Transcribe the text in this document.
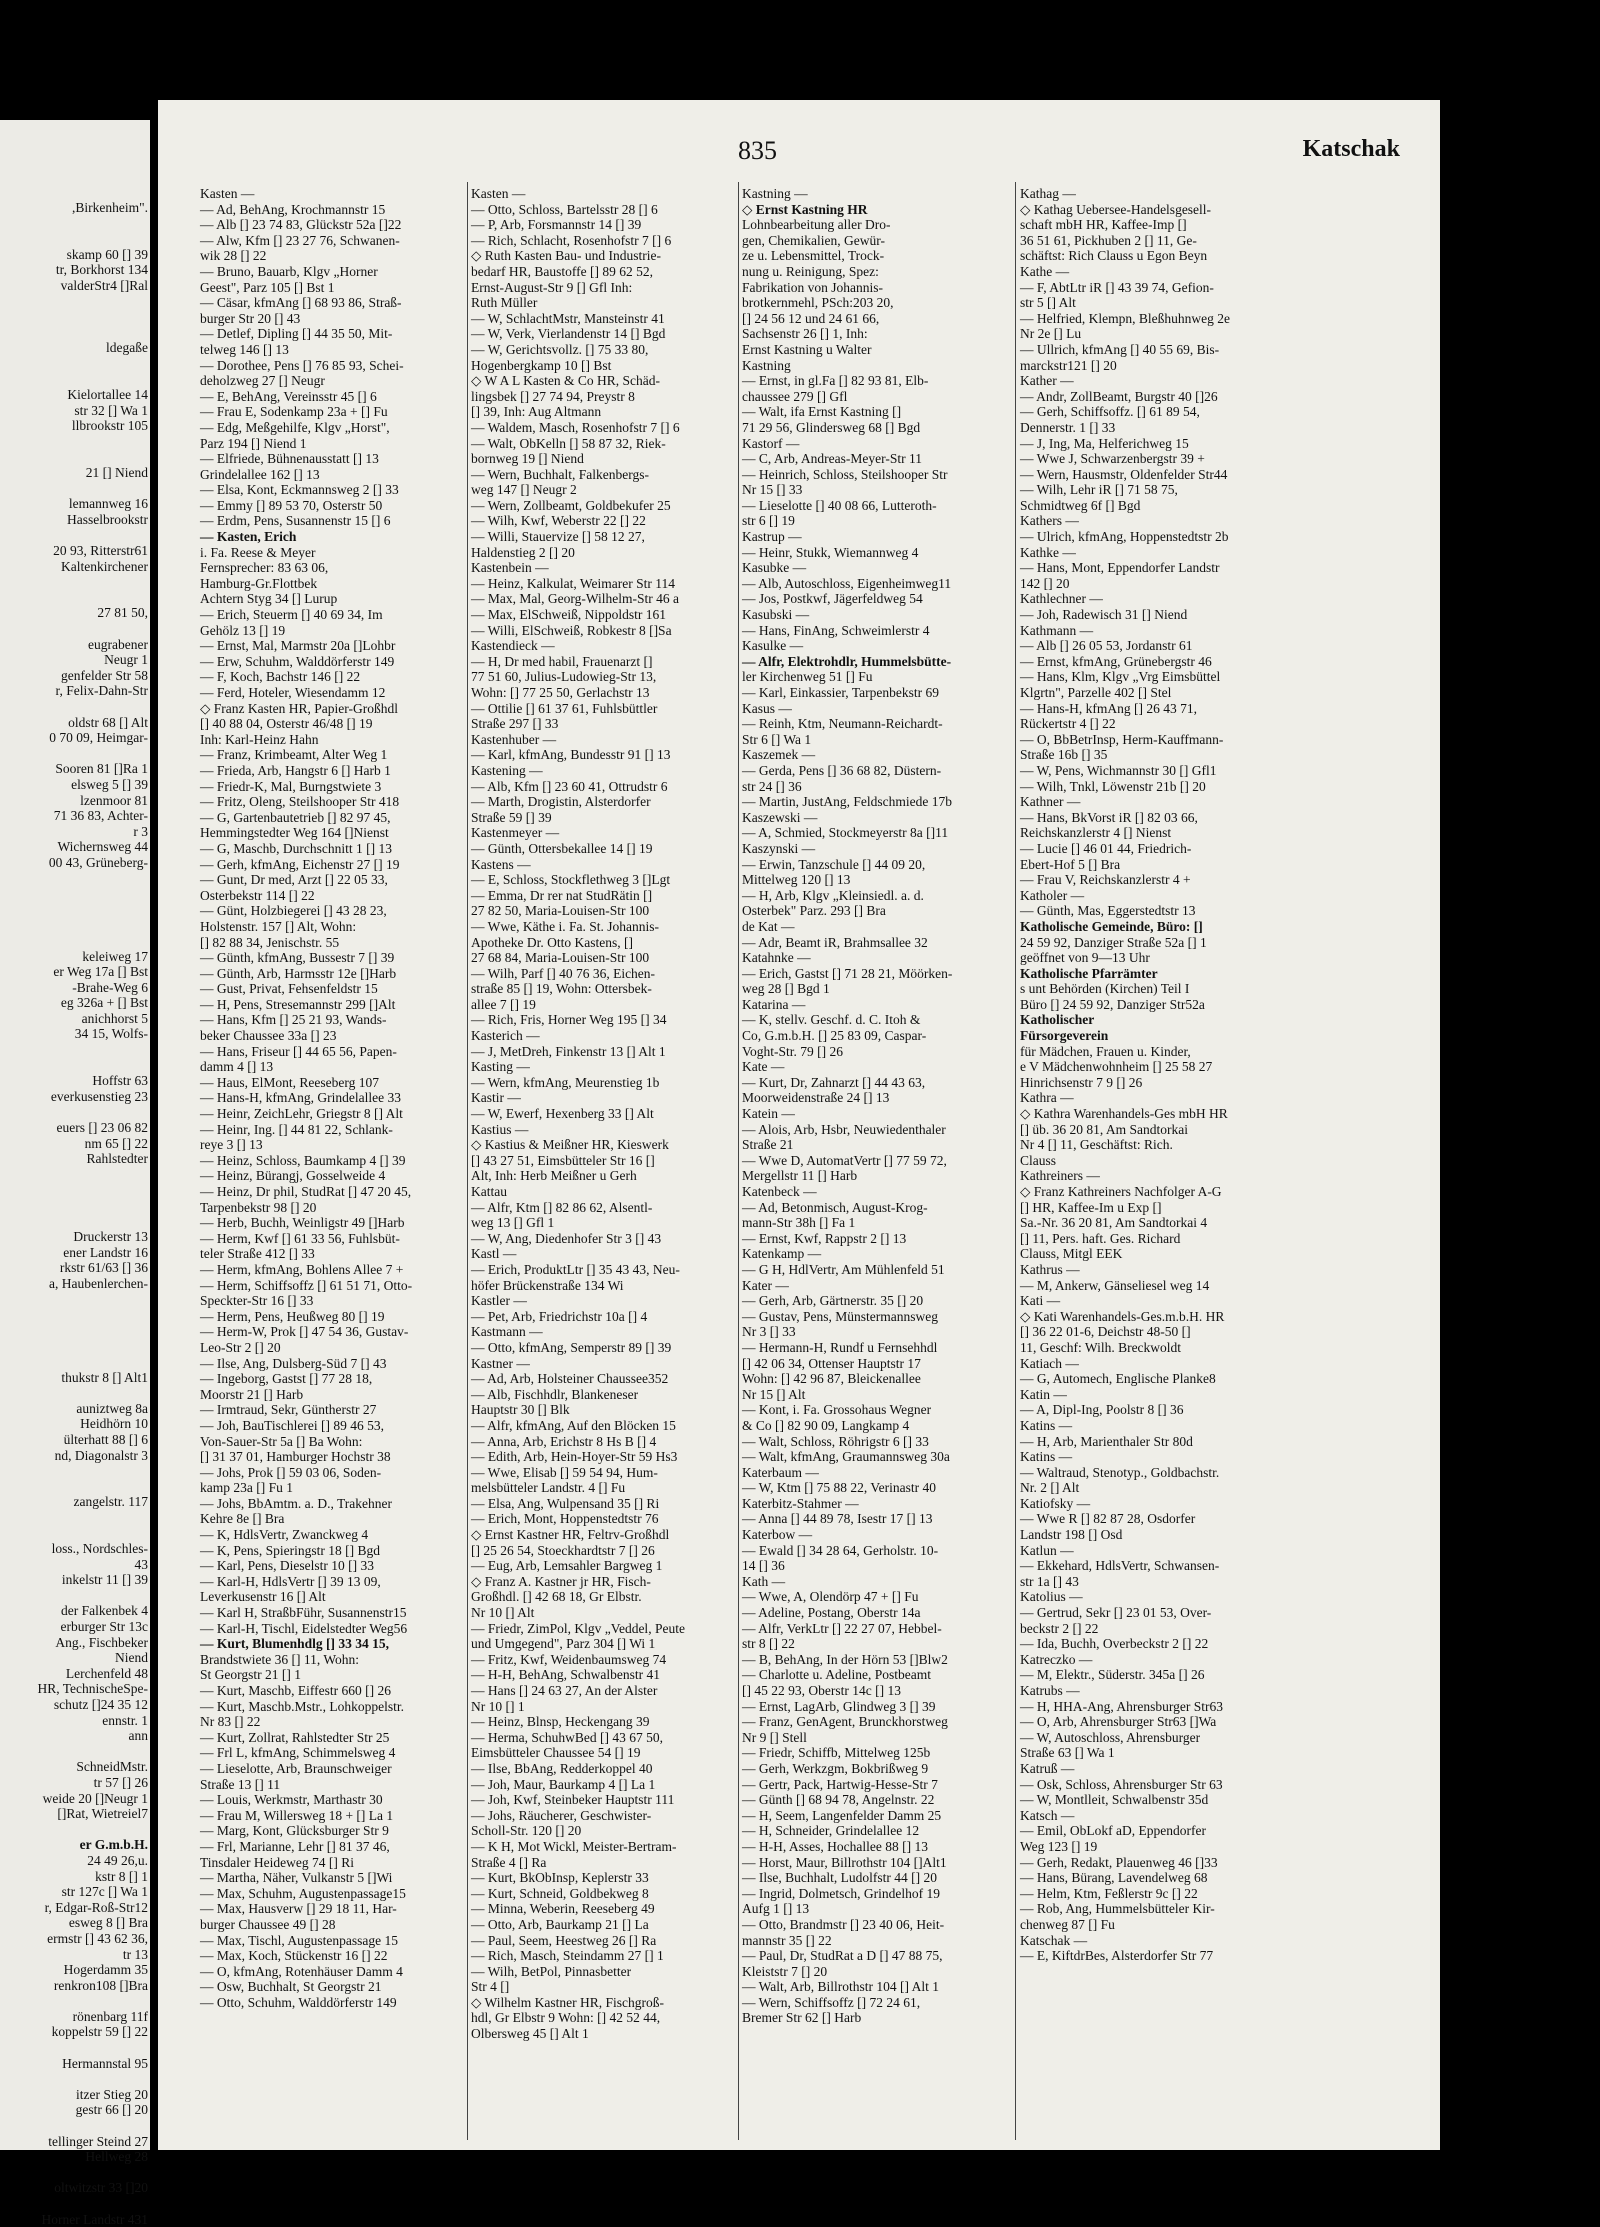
,Birkenheim".
skamp 60 [] 39
tr, Borkhorst 134
valderStr4 []Ral
ldegaße
Kielortallee 14
str 32 [] Wa 1
llbrookstr 105
21 [] Niend
lemannweg 16
Hasselbrookstr
20 93, Ritterstr61
Kaltenkirchener
27 81 50,
eugrabener
Neugr 1
genfelder Str 58
r, Felix-Dahn-Str
oldstr 68 [] Alt
0 70 09, Heimgar-
Sooren 81 []Ra 1
elsweg 5 [] 39
lzenmoor 81
71 36 83, Achter-
r 3
Wichernsweg 44
00 43, Grüneberg-
keleiweg 17
er Weg 17a [] Bst
-Brahe-Weg 6
eg 326a + [] Bst
anichhorst 5
34 15, Wolfs-
Hoffstr 63
everkusenstieg 23
euers [] 23 06 82
nm 65 [] 22
Rahlstedter
Druckerstr 13
ener Landstr 16
rkstr 61/63 [] 36
a, Haubenlerchen-
thukstr 8 [] Alt1
auniztweg 8a
Heidhörn 10
ülterhatt 88 [] 6
nd, Diagonalstr 3
zangelstr. 117
loss., Nordschles-
43
inkelstr 11 [] 39
der Falkenbek 4
erburger Str 13c
Ang., Fischbeker
Niend
Lerchenfeld 48
HR, TechnischeSpe-
schutz []24 35 12
ennstr. 1
ann
SchneidMstr.
tr 57 [] 26
weide 20 []Neugr 1
[]Rat, Wietreiel7
er G.m.b.H.
24 49 26,u.
kstr 8 [] 1
str 127c [] Wa 1
r, Edgar-Roß-Str12
esweg 8 [] Bra
ermstr [] 43 62 36,
tr 13
Hogerdamm 35
renkron108 []Bra
rönenbarg 11f
koppelstr 59 [] 22
Hermannstal 95
itzer Stieg 20
gestr 66 [] 20
tellinger Steind 27
Hellweg 28
oltwitzstr 33 []20
Horner Landstr 431
835	Katschak
Kasten —
— Ad, BehAng, Krochmannstr 15
— Alb [] 23 74 83, Glückstr 52a []22
— Alw, Kfm [] 23 27 76, Schwanen-
wik 28 [] 22
— Bruno, Bauarb, Klgv „Horner
Geest", Parz 105 [] Bst 1
— Cäsar, kfmAng [] 68 93 86, Straß-
burger Str 20 [] 43
— Detlef, Dipling [] 44 35 50, Mit-
telweg 146 [] 13
— Dorothee, Pens [] 76 85 93, Schei-
deholzweg 27 [] Neugr
— E, BehAng, Vereinsstr 45 [] 6
— Frau E, Sodenkamp 23a + [] Fu
— Edg, Meßgehilfe, Klgv „Horst",
Parz 194 [] Niend 1
— Elfriede, Bühnenausstatt [] 13
Grindelallee 162 [] 13
— Elsa, Kont, Eckmannsweg 2 [] 33
— Emmy [] 89 53 70, Osterstr 50
— Erdm, Pens, Susannenstr 15 [] 6
— Kasten, Erich
i. Fa. Reese & Meyer
Fernsprecher: 83 63 06,
Hamburg-Gr.Flottbek
Achtern Styg 34 [] Lurup
— Erich, Steuerm [] 40 69 34, Im
Gehölz 13 [] 19
— Ernst, Mal, Marmstr 20a []Lohbr
— Erw, Schuhm, Walddörferstr 149
— F, Koch, Bachstr 146 [] 22
— Ferd, Hoteler, Wiesendamm 12
◇ Franz Kasten HR, Papier-Großhdl
[] 40 88 04, Osterstr 46/48 [] 19
Inh: Karl-Heinz Hahn
— Franz, Krimbeamt, Alter Weg 1
— Frieda, Arb, Hangstr 6 [] Harb 1
— Friedr-K, Mal, Burngstwiete 3
— Fritz, Oleng, Steilshooper Str 418
— G, Gartenbautetrieb [] 82 97 45,
Hemmingstedter Weg 164 []Nienst
— G, Maschb, Durchschnitt 1 [] 13
— Gerh, kfmAng, Eichenstr 27 [] 19
— Gunt, Dr med, Arzt [] 22 05 33,
Osterbekstr 114 [] 22
— Günt, Holzbiegerei [] 43 28 23,
Holstenstr. 157 [] Alt, Wohn:
[] 82 88 34, Jenischstr. 55
— Günth, kfmAng, Bussestr 7 [] 39
— Günth, Arb, Harmsstr 12e []Harb
— Gust, Privat, Fehsenfeldstr 15
— H, Pens, Stresemannstr 299 []Alt
— Hans, Kfm [] 25 21 93, Wands-
beker Chaussee 33a [] 23
— Hans, Friseur [] 44 65 56, Papen-
damm 4 [] 13
— Haus, ElMont, Reeseberg 107
— Hans-H, kfmAng, Grindelallee 33
— Heinr, ZeichLehr, Griegstr 8 [] Alt
— Heinr, Ing. [] 44 81 22, Schlank-
reye 3 [] 13
— Heinz, Schloss, Baumkamp 4 [] 39
— Heinz, Bürangj, Gosselweide 4
— Heinz, Dr phil, StudRat [] 47 20 45,
Tarpenbekstr 98 [] 20
— Herb, Buchh, Weinligstr 49 []Harb
— Herm, Kwf [] 61 33 56, Fuhlsbüt-
teler Straße 412 [] 33
— Herm, kfmAng, Bohlens Allee 7 +
— Herm, Schiffsoffz [] 61 51 71, Otto-
Speckter-Str 16 [] 33
— Herm, Pens, Heußweg 80 [] 19
— Herm-W, Prok [] 47 54 36, Gustav-
Leo-Str 2 [] 20
— Ilse, Ang, Dulsberg-Süd 7 [] 43
— Ingeborg, Gastst [] 77 28 18,
Moorstr 21 [] Harb
— Irmtraud, Sekr, Güntherstr 27
— Joh, BauTischlerei [] 89 46 53,
Von-Sauer-Str 5a [] Ba Wohn:
[] 31 37 01, Hamburger Hochstr 38
— Johs, Prok [] 59 03 06, Soden-
kamp 23a [] Fu 1
— Johs, BbAmtm. a. D., Trakehner
Kehre 8e [] Bra
— K, HdlsVertr, Zwanckweg 4
— K, Pens, Spieringstr 18 [] Bgd
— Karl, Pens, Dieselstr 10 [] 33
— Karl-H, HdlsVertr [] 39 13 09,
Leverkusenstr 16 [] Alt
— Karl H, StraßbFühr, Susannenstr15
— Karl-H, Tischl, Eidelstedter Weg56
— Kurt, Blumenhdlg [] 33 34 15,
Brandstwiete 36 [] 11, Wohn:
St Georgstr 21 [] 1
— Kurt, Maschb, Eiffestr 660 [] 26
— Kurt, Maschb.Mstr., Lohkoppelstr.
Nr 83 [] 22
— Kurt, Zollrat, Rahlstedter Str 25
— Frl L, kfmAng, Schimmelsweg 4
— Lieselotte, Arb, Braunschweiger
Straße 13 [] 11
— Louis, Werkmstr, Marthastr 30
— Frau M, Willersweg 18 + [] La 1
— Marg, Kont, Glücksburger Str 9
— Frl, Marianne, Lehr [] 81 37 46,
Tinsdaler Heideweg 74 [] Ri
— Martha, Näher, Vulkanstr 5 []Wi
— Max, Schuhm, Augustenpassage15
— Max, Hausverw [] 29 18 11, Har-
burger Chaussee 49 [] 28
— Max, Tischl, Augustenpassage 15
— Max, Koch, Stückenstr 16 [] 22
— O, kfmAng, Rotenhäuser Damm 4
— Osw, Buchhalt, St Georgstr 21
— Otto, Schuhm, Walddörferstr 149
Kasten —
— Otto, Schloss, Bartelsstr 28 [] 6
— P, Arb, Forsmannstr 14 [] 39
— Rich, Schlacht, Rosenhofstr 7 [] 6
◇ Ruth Kasten Bau- und Industrie-
bedarf HR, Baustoffe [] 89 62 52,
Ernst-August-Str 9 [] Gfl Inh:
Ruth Müller
— W, SchlachtMstr, Mansteinstr 41
— W, Verk, Vierlandenstr 14 [] Bgd
— W, Gerichtsvollz. [] 75 33 80,
Hogenbergkamp 10 [] Bst
◇ W A L Kasten & Co HR, Schäd-
lingsbek [] 27 74 94, Preystr 8
[] 39, Inh: Aug Altmann
— Waldem, Masch, Rosenhofstr 7 [] 6
— Walt, ObKelln [] 58 87 32, Riek-
bornweg 19 [] Niend
— Wern, Buchhalt, Falkenbergs-
weg 147 [] Neugr 2
— Wern, Zollbeamt, Goldbekufer 25
— Wilh, Kwf, Weberstr 22 [] 22
— Willi, Stauervize [] 58 12 27,
Haldenstieg 2 [] 20
Kastenbein —
— Heinz, Kalkulat, Weimarer Str 114
— Max, Mal, Georg-Wilhelm-Str 46 a
— Max, ElSchweiß, Nippoldstr 161
— Willi, ElSchweiß, Robkestr 8 []Sa
Kastendieck —
— H, Dr med habil, Frauenarzt []
77 51 60, Julius-Ludowieg-Str 13,
Wohn: [] 77 25 50, Gerlachstr 13
— Ottilie [] 61 37 61, Fuhlsbüttler
Straße 297 [] 33
Kastenhuber —
— Karl, kfmAng, Bundesstr 91 [] 13
Kastening —
— Alb, Kfm [] 23 60 41, Ottrudstr 6
— Marth, Drogistin, Alsterdorfer
Straße 59 [] 39
Kastenmeyer —
— Günth, Ottersbekallee 14 [] 19
Kastens —
— E, Schloss, Stockflethweg 3 []Lgt
— Emma, Dr rer nat StudRätin []
27 82 50, Maria-Louisen-Str 100
— Wwe, Käthe i. Fa. St. Johannis-
Apotheke Dr. Otto Kastens, []
27 68 84, Maria-Louisen-Str 100
— Wilh, Parf [] 40 76 36, Eichen-
straße 85 [] 19, Wohn: Ottersbek-
allee 7 [] 19
— Rich, Fris, Horner Weg 195 [] 34
Kasterich —
— J, MetDreh, Finkenstr 13 [] Alt 1
Kasting —
— Wern, kfmAng, Meurenstieg 1b
Kastir —
— W, Ewerf, Hexenberg 33 [] Alt
Kastius —
◇ Kastius & Meißner HR, Kieswerk
[] 43 27 51, Eimsbütteler Str 16 []
Alt, Inh: Herb Meißner u Gerh
Kattau
— Alfr, Ktm [] 82 86 62, Alsentl-
weg 13 [] Gfl 1
— W, Ang, Diedenhofer Str 3 [] 43
Kastl —
— Erich, ProduktLtr [] 35 43 43, Neu-
höfer Brückenstraße 134 Wi
Kastler —
— Pet, Arb, Friedrichstr 10a [] 4
Kastmann —
— Otto, kfmAng, Semperstr 89 [] 39
Kastner —
— Ad, Arb, Holsteiner Chaussee352
— Alb, Fischhdlr, Blankeneser
Hauptstr 30 [] Blk
— Alfr, kfmAng, Auf den Blöcken 15
— Anna, Arb, Erichstr 8 Hs B [] 4
— Edith, Arb, Hein-Hoyer-Str 59 Hs3
— Wwe, Elisab [] 59 54 94, Hum-
melsbütteler Landstr. 4 [] Fu
— Elsa, Ang, Wulpensand 35 [] Ri
— Erich, Mont, Hoppenstedtstr 76
◇ Ernst Kastner HR, Feltrv-Großhdl
[] 25 26 54, Stoeckhardtstr 7 [] 26
— Eug, Arb, Lemsahler Bargweg 1
◇ Franz A. Kastner jr HR, Fisch-
Großhdl. [] 42 68 18, Gr Elbstr.
Nr 10 [] Alt
— Friedr, ZimPol, Klgv „Veddel, Peute
und Umgegend", Parz 304 [] Wi 1
— Fritz, Kwf, Weidenbaumsweg 74
— H-H, BehAng, Schwalbenstr 41
— Hans [] 24 63 27, An der Alster
Nr 10 [] 1
— Heinz, Blnsp, Heckengang 39
— Herma, SchuhwBed [] 43 67 50,
Eimsbütteler Chaussee 54 [] 19
— Ilse, BbAng, Redderkoppel 40
— Joh, Maur, Baurkamp 4 [] La 1
— Joh, Kwf, Steinbeker Hauptstr 111
— Johs, Räucherer, Geschwister-
Scholl-Str. 120 [] 20
— K H, Mot Wickl, Meister-Bertram-
Straße 4 [] Ra
— Kurt, BkObInsp, Keplerstr 33
— Kurt, Schneid, Goldbekweg 8
— Minna, Weberin, Reeseberg 49
— Otto, Arb, Baurkamp 21 [] La
— Paul, Seem, Heestweg 26 [] Ra
— Rich, Masch, Steindamm 27 [] 1
— Wilh, BetPol, Pinnasbetter
Str 4 []
◇ Wilhelm Kastner HR, Fischgroß-
hdl, Gr Elbstr 9 Wohn: [] 42 52 44,
Olbersweg 45 [] Alt 1
Kastning —
◇ Ernst Kastning HR
Lohnbearbeitung aller Dro-
gen, Chemikalien, Gewür-
ze u. Lebensmittel, Trock-
nung u. Reinigung, Spez:
Fabrikation von Johannis-
brotkernmehl, PSch:203 20,
[] 24 56 12 und 24 61 66,
Sachsenstr 26 [] 1, Inh:
Ernst Kastning u Walter
Kastning
— Ernst, in gl.Fa [] 82 93 81, Elb-
chaussee 279 [] Gfl
— Walt, ifa Ernst Kastning []
71 29 56, Glindersweg 68 [] Bgd
Kastorf —
— C, Arb, Andreas-Meyer-Str 11
— Heinrich, Schloss, Steilshooper Str
Nr 15 [] 33
— Lieselotte [] 40 08 66, Lutteroth-
str 6 [] 19
Kastrup —
— Heinr, Stukk, Wiemannweg 4
Kasubke —
— Alb, Autoschloss, Eigenheimweg11
— Jos, Postkwf, Jägerfeldweg 54
Kasubski —
— Hans, FinAng, Schweimlerstr 4
Kasulke —
— Alfr, Elektrohdlr, Hummelsbütte-
ler Kirchenweg 51 [] Fu
— Karl, Einkassier, Tarpenbekstr 69
Kasus —
— Reinh, Ktm, Neumann-Reichardt-
Str 6 [] Wa 1
Kaszemek —
— Gerda, Pens [] 36 68 82, Düstern-
str 24 [] 36
— Martin, JustAng, Feldschmiede 17b
Kaszewski —
— A, Schmied, Stockmeyerstr 8a []11
Kaszynski —
— Erwin, Tanzschule [] 44 09 20,
Mittelweg 120 [] 13
— H, Arb, Klgv „Kleinsiedl. a. d.
Osterbek" Parz. 293 [] Bra
de Kat —
— Adr, Beamt iR, Brahmsallee 32
Katahnke —
— Erich, Gastst [] 71 28 21, Möörken-
weg 28 [] Bgd 1
Katarina —
— K, stellv. Geschf. d. C. Itoh &
Co, G.m.b.H. [] 25 83 09, Caspar-
Voght-Str. 79 [] 26
Kate —
— Kurt, Dr, Zahnarzt [] 44 43 63,
Moorweidenstraße 24 [] 13
Katein —
— Alois, Arb, Hsbr, Neuwiedenthaler
Straße 21
— Wwe D, AutomatVertr [] 77 59 72,
Mergellstr 11 [] Harb
Katenbeck —
— Ad, Betonmisch, August-Krog-
mann-Str 38h [] Fa 1
— Ernst, Kwf, Rappstr 2 [] 13
Katenkamp —
— G H, HdlVertr, Am Mühlenfeld 51
Kater —
— Gerh, Arb, Gärtnerstr. 35 [] 20
— Gustav, Pens, Münstermannsweg
Nr 3 [] 33
— Hermann-H, Rundf u Fernsehhdl
[] 42 06 34, Ottenser Hauptstr 17
Wohn: [] 42 96 87, Bleickenallee
Nr 15 [] Alt
— Kont, i. Fa. Grossohaus Wegner
& Co [] 82 90 09, Langkamp 4
— Walt, Schloss, Röhrigstr 6 [] 33
— Walt, kfmAng, Graumannsweg 30a
Katerbaum —
— W, Ktm [] 75 88 22, Verinastr 40
Katerbitz-Stahmer —
— Anna [] 44 89 78, Isestr 17 [] 13
Katerbow —
— Ewald [] 34 28 64, Gerholstr. 10-
14 [] 36
Kath —
— Wwe, A, Olendörp 47 + [] Fu
— Adeline, Postang, Oberstr 14a
— Alfr, VerkLtr [] 22 27 07, Hebbel-
str 8 [] 22
— B, BehAng, In der Hörn 53 []Blw2
— Charlotte u. Adeline, Postbeamt
[] 45 22 93, Oberstr 14c [] 13
— Ernst, LagArb, Glindweg 3 [] 39
— Franz, GenAgent, Brunckhorstweg
Nr 9 [] Stell
— Friedr, Schiffb, Mittelweg 125b
— Gerh, Werkzgm, Bokbrißweg 9
— Gertr, Pack, Hartwig-Hesse-Str 7
— Günth [] 68 94 78, Angelnstr. 22
— H, Seem, Langenfelder Damm 25
— H, Schneider, Grindelallee 12
— H-H, Asses, Hochallee 88 [] 13
— Horst, Maur, Billrothstr 104 []Alt1
— Ilse, Buchhalt, Ludolfstr 44 [] 20
— Ingrid, Dolmetsch, Grindelhof 19
Aufg 1 [] 13
— Otto, Brandmstr [] 23 40 06, Heit-
mannstr 35 [] 22
— Paul, Dr, StudRat a D [] 47 88 75,
Kleiststr 7 [] 20
— Walt, Arb, Billrothstr 104 [] Alt 1
— Wern, Schiffsoffz [] 72 24 61,
Bremer Str 62 [] Harb
Kathag —
◇ Kathag Uebersee-Handelsgesell-
schaft mbH HR, Kaffee-Imp []
36 51 61, Pickhuben 2 [] 11, Ge-
schäftst: Rich Clauss u Egon Beyn
Kathe —
— F, AbtLtr iR [] 43 39 74, Gefion-
str 5 [] Alt
— Helfried, Klempn, Bleßhuhnweg 2e
Nr 2e [] Lu
— Ullrich, kfmAng [] 40 55 69, Bis-
marckstr121 [] 20
Kather —
— Andr, ZollBeamt, Burgstr 40 []26
— Gerh, Schiffsoffz. [] 61 89 54,
Dennerstr. 1 [] 33
— J, Ing, Ma, Helferichweg 15
— Wwe J, Schwarzenbergstr 39 +
— Wern, Hausmstr, Oldenfelder Str44
— Wilh, Lehr iR [] 71 58 75,
Schmidtweg 6f [] Bgd
Kathers —
— Ulrich, kfmAng, Hoppenstedtstr 2b
Kathke —
— Hans, Mont, Eppendorfer Landstr
142 [] 20
Kathlechner —
— Joh, Radewisch 31 [] Niend
Kathmann —
— Alb [] 26 05 53, Jordanstr 61
— Ernst, kfmAng, Grünebergstr 46
— Hans, Klm, Klgv „Vrg Eimsbüttel
Klgrtn", Parzelle 402 [] Stel
— Hans-H, kfmAng [] 26 43 71,
Rückertstr 4 [] 22
— O, BbBetrInsp, Herm-Kauffmann-
Straße 16b [] 35
— W, Pens, Wichmannstr 30 [] Gfl1
— Wilh, Tnkl, Löwenstr 21b [] 20
Kathner —
— Hans, BkVorst iR [] 82 03 66,
Reichskanzlerstr 4 [] Nienst
— Lucie [] 46 01 44, Friedrich-
Ebert-Hof 5 [] Bra
— Frau V, Reichskanzlerstr 4 +
Katholer —
— Günth, Mas, Eggerstedtstr 13
Katholische Gemeinde, Büro: []
24 59 92, Danziger Straße 52a [] 1
geöffnet von 9—13 Uhr
Katholische Pfarrämter
s unt Behörden (Kirchen) Teil I
Büro [] 24 59 92, Danziger Str52a
Katholischer
Fürsorgeverein
für Mädchen, Frauen u. Kinder,
e V Mädchenwohnheim [] 25 58 27
Hinrichsenstr 7 9 [] 26
Kathra —
◇ Kathra Warenhandels-Ges mbH HR
[] üb. 36 20 81, Am Sandtorkai
Nr 4 [] 11, Geschäftst: Rich.
Clauss
Kathreiners —
◇ Franz Kathreiners Nachfolger A-G
[] HR, Kaffee-Im u Exp []
Sa.-Nr. 36 20 81, Am Sandtorkai 4
[] 11, Pers. haft. Ges. Richard
Clauss, Mitgl EEK
Kathrus —
— M, Ankerw, Gänseliesel weg 14
Kati —
◇ Kati Warenhandels-Ges.m.b.H. HR
[] 36 22 01-6, Deichstr 48-50 []
11, Geschf: Wilh. Breckwoldt
Katiach —
— G, Automech, Englische Planke8
Katin —
— A, Dipl-Ing, Poolstr 8 [] 36
Katins —
— H, Arb, Marienthaler Str 80d
Katins —
— Waltraud, Stenotyp., Goldbachstr.
Nr. 2 [] Alt
Katiofsky —
— Wwe R [] 82 87 28, Osdorfer
Landstr 198 [] Osd
Katlun —
— Ekkehard, HdlsVertr, Schwansen-
str 1a [] 43
Katolius —
— Gertrud, Sekr [] 23 01 53, Over-
beckstr 2 [] 22
— Ida, Buchh, Overbeckstr 2 [] 22
Katreczko —
— M, Elektr., Süderstr. 345a [] 26
Katrubs —
— H, HHA-Ang, Ahrensburger Str63
— O, Arb, Ahrensburger Str63 []Wa
— W, Autoschloss, Ahrensburger
Straße 63 [] Wa 1
Katruß —
— Osk, Schloss, Ahrensburger Str 63
— W, Montlleit, Schwalbenstr 35d
Katsch —
— Emil, ObLokf aD, Eppendorfer
Weg 123 [] 19
— Gerh, Redakt, Plauenweg 46 []33
— Hans, Bürang, Lavendelweg 68
— Helm, Ktm, Feßlerstr 9c [] 22
— Rob, Ang, Hummelsbütteler Kir-
chenweg 87 [] Fu
Katschak —
— E, KiftdrBes, Alsterdorfer Str 77
